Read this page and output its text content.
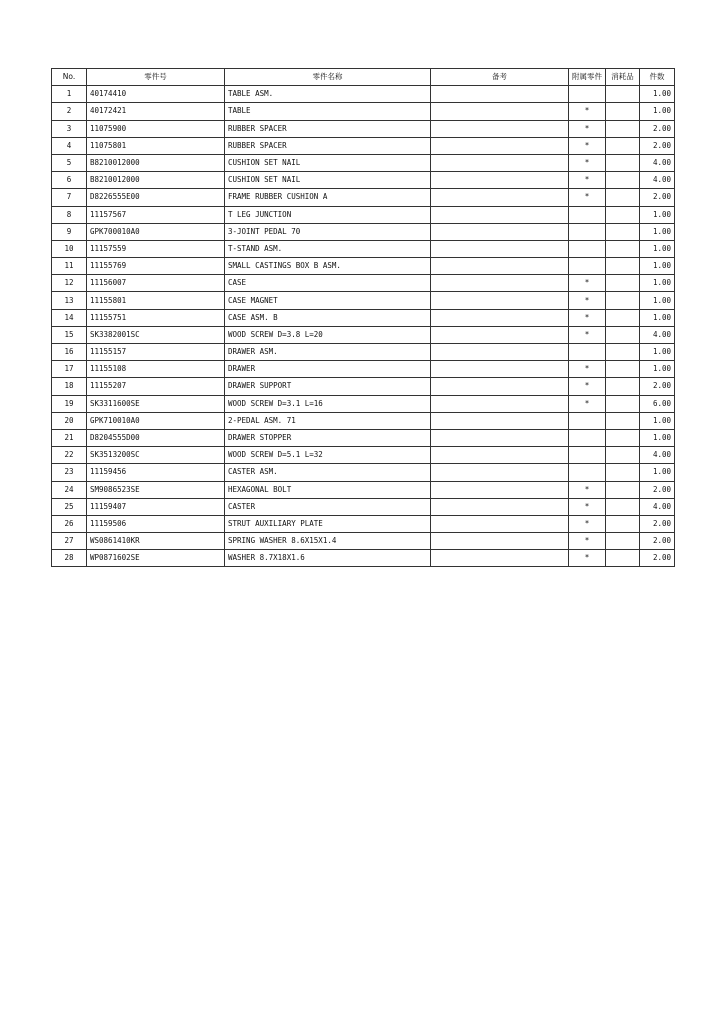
No.	零件号	零件名称	备考	附属零件	消耗品	件数
1	40174410	TABLE ASM.				1.00
2	40172421	TABLE		*		1.00
3	11075900	RUBBER SPACER		*		2.00
4	11075801	RUBBER SPACER		*		2.00
5	B8210012000	CUSHION SET NAIL		*		4.00
6	B8210012000	CUSHION SET NAIL		*		4.00
7	D8226555E00	FRAME RUBBER CUSHION A		*		2.00
8	11157567	T LEG JUNCTION				1.00
9	GPK700010A0	3-JOINT PEDAL 70				1.00
10	11157559	T-STAND ASM.				1.00
11	11155769	SMALL CASTINGS BOX B ASM.				1.00
12	11156007	CASE		*		1.00
13	11155801	CASE MAGNET		*		1.00
14	11155751	CASE ASM. B		*		1.00
15	SK3382001SC	WOOD SCREW D=3.8 L=20		*		4.00
16	11155157	DRAWER ASM.				1.00
17	11155108	DRAWER		*		1.00
18	11155207	DRAWER SUPPORT		*		2.00
19	SK3311600SE	WOOD SCREW D=3.1 L=16		*		6.00
20	GPK710010A0	2-PEDAL ASM. 71				1.00
21	D8204555D00	DRAWER STOPPER				1.00
22	SK3513200SC	WOOD SCREW D=5.1 L=32				4.00
23	11159456	CASTER ASM.				1.00
24	SM9086523SE	HEXAGONAL BOLT		*		2.00
25	11159407	CASTER		*		4.00
26	11159506	STRUT AUXILIARY PLATE		*		2.00
27	WS0861410KR	SPRING WASHER 8.6X15X1.4		*		2.00
28	WP0871602SE	WASHER 8.7X18X1.6		*		2.00
